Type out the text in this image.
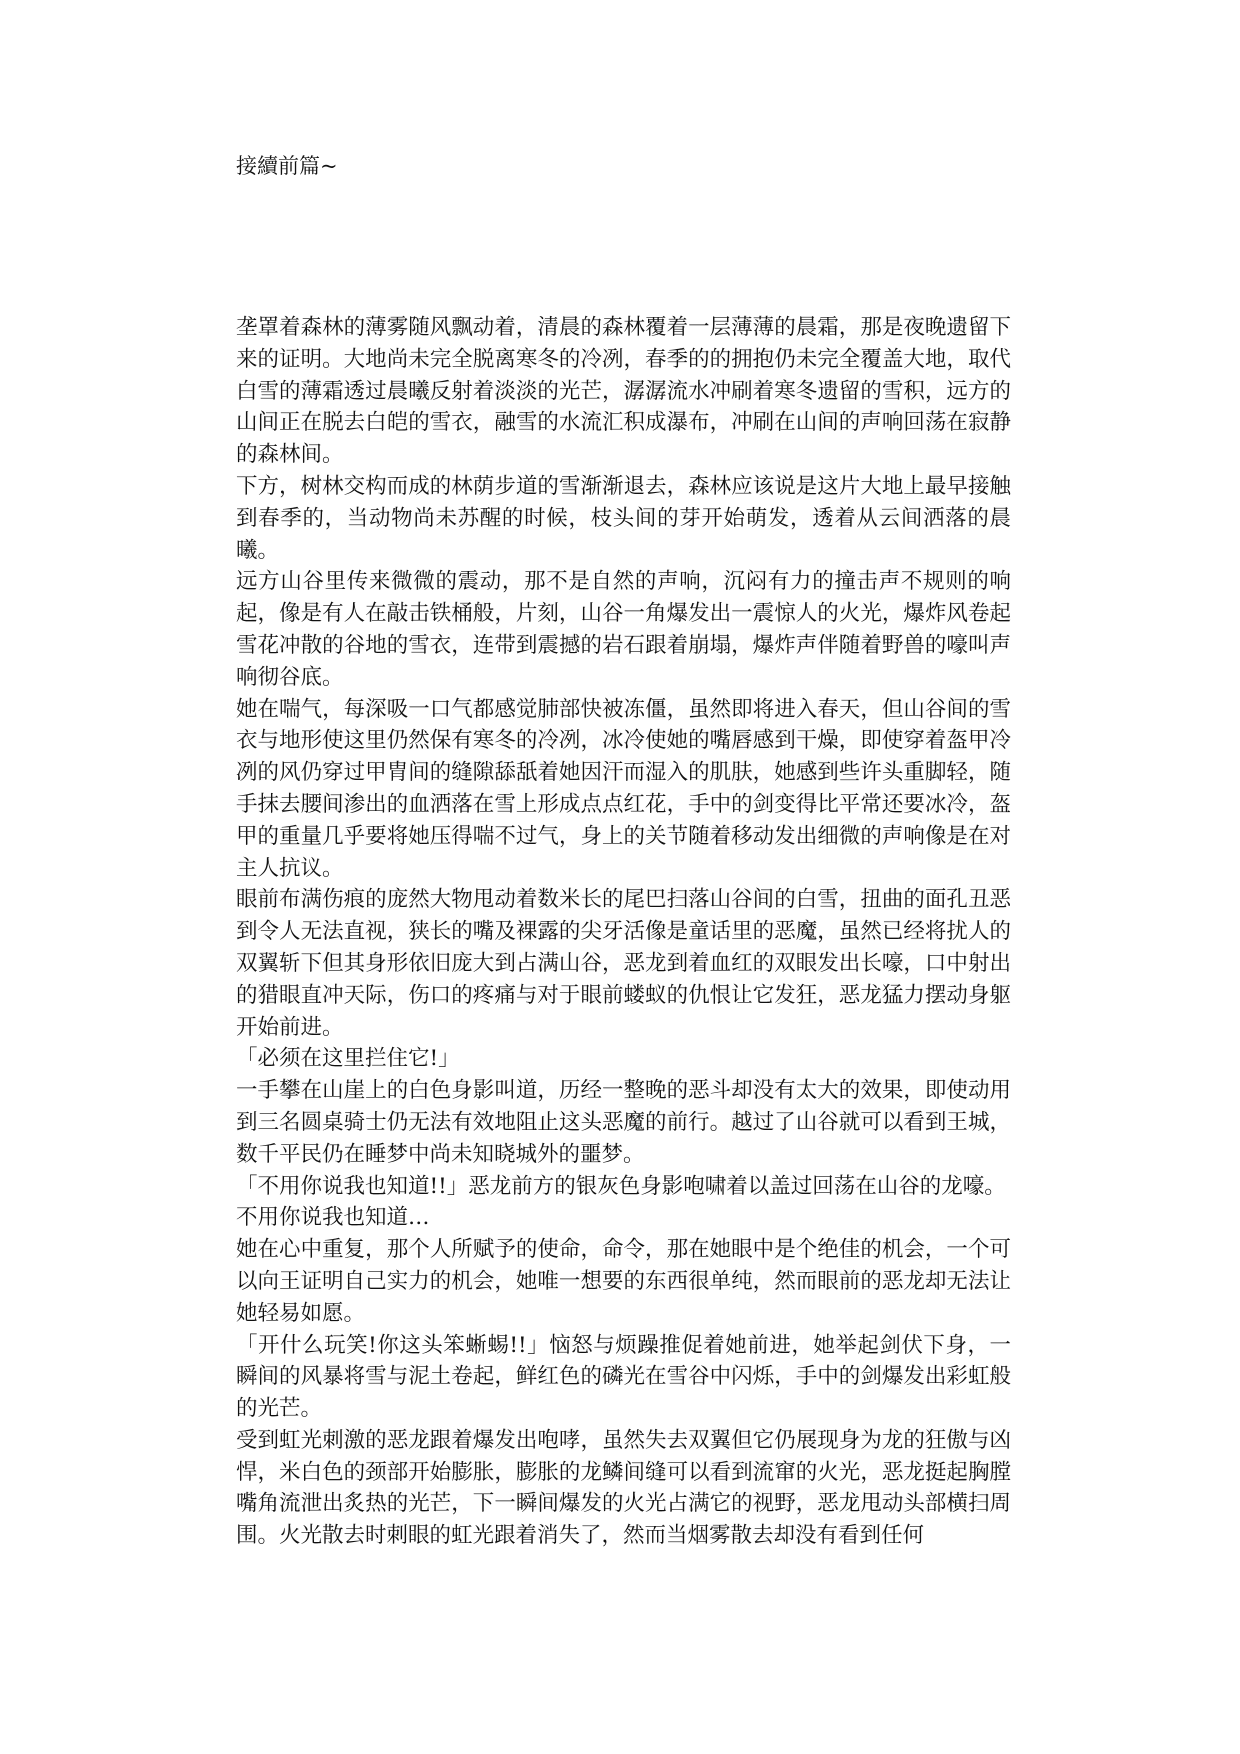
接續前篇~

垄罩着森林的薄雾随风飘动着，清晨的森林覆着一层薄薄的晨霜，那是夜晚遗留下来的证明。大地尚未完全脱离寒冬的冷冽，春季的的拥抱仍未完全覆盖大地，取代白雪的薄霜透过晨曦反射着淡淡的光芒，潺潺流水冲刷着寒冬遗留的雪积，远方的山间正在脱去白皑的雪衣，融雪的水流汇积成瀑布，冲刷在山间的声响回荡在寂静的森林间。

下方，树林交构而成的林荫步道的雪渐渐退去，森林应该说是这片大地上最早接触到春季的，当动物尚未苏醒的时候，枝头间的芽开始萌发，透着从云间洒落的晨曦。

远方山谷里传来微微的震动，那不是自然的声响，沉闷有力的撞击声不规则的响起，像是有人在敲击铁桶般，片刻，山谷一角爆发出一震惊人的火光，爆炸风卷起雪花冲散的谷地的雪衣，连带到震撼的岩石跟着崩塌，爆炸声伴随着野兽的嚎叫声响彻谷底。

她在喘气，每深吸一口气都感觉肺部快被冻僵，虽然即将进入春天，但山谷间的雪衣与地形使这里仍然保有寒冬的冷冽，冰冷使她的嘴唇感到干燥，即使穿着盔甲冷冽的风仍穿过甲胄间的缝隙舔舐着她因汗而湿入的肌肤，她感到些许头重脚轻，随手抹去腰间渗出的血洒落在雪上形成点点红花，手中的剑变得比平常还要冰冷，盔甲的重量几乎要将她压得喘不过气，身上的关节随着移动发出细微的声响像是在对主人抗议。

眼前布满伤痕的庞然大物甩动着数米长的尾巴扫落山谷间的白雪，扭曲的面孔丑恶到令人无法直视，狭长的嘴及裸露的尖牙活像是童话里的恶魔，虽然已经将扰人的双翼斩下但其身形依旧庞大到占满山谷，恶龙到着血红的双眼发出长嚎，口中射出的猎眼直冲天际，伤口的疼痛与对于眼前蝼蚁的仇恨让它发狂，恶龙猛力摆动身躯开始前进。

「必须在这里拦住它!」

一手攀在山崖上的白色身影叫道，历经一整晚的恶斗却没有太大的效果，即使动用到三名圆桌骑士仍无法有效地阻止这头恶魔的前行。越过了山谷就可以看到王城，数千平民仍在睡梦中尚未知晓城外的噩梦。

「不用你说我也知道!!」恶龙前方的银灰色身影咆啸着以盖过回荡在山谷的龙嚎。

不用你说我也知道…

她在心中重复，那个人所赋予的使命，命令，那在她眼中是个绝佳的机会，一个可以向王证明自己实力的机会，她唯一想要的东西很单纯，然而眼前的恶龙却无法让她轻易如愿。

「开什么玩笑!你这头笨蜥蜴!!」恼怒与烦躁推促着她前进，她举起剑伏下身，一瞬间的风暴将雪与泥土卷起，鲜红色的磷光在雪谷中闪烁，手中的剑爆发出彩虹般的光芒。

受到虹光刺激的恶龙跟着爆发出咆哮，虽然失去双翼但它仍展现身为龙的狂傲与凶悍，米白色的颈部开始膨胀，膨胀的龙鳞间缝可以看到流窜的火光，恶龙挺起胸膛嘴角流泄出炙热的光芒，下一瞬间爆发的火光占满它的视野，恶龙甩动头部横扫周围。火光散去时刺眼的虹光跟着消失了，然而当烟雾散去却没有看到任何
